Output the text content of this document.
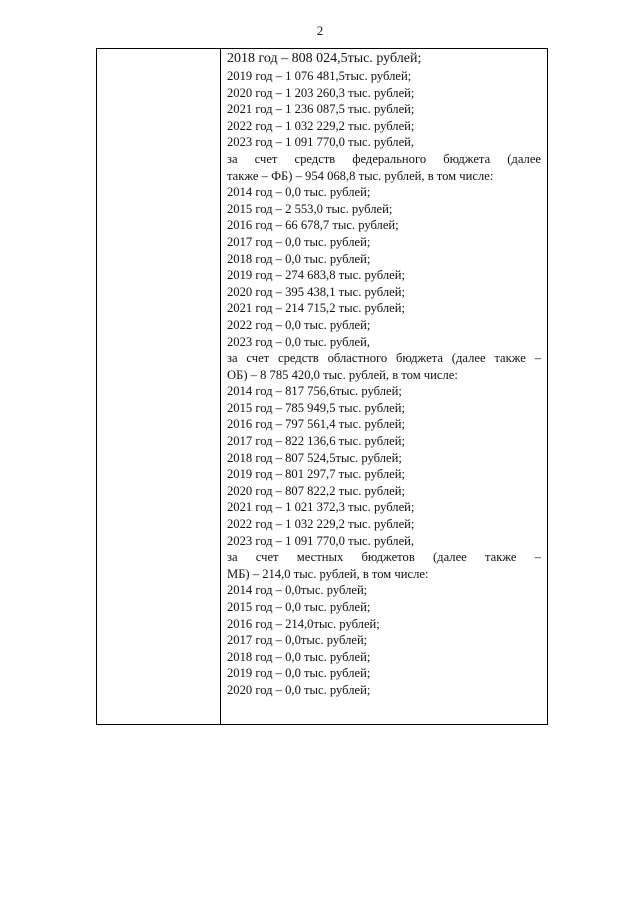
2
2018 год – 808 024,5тыс. рублей;
2019 год – 1 076 481,5тыс. рублей;
2020 год – 1 203 260,3 тыс. рублей;
2021 год – 1 236 087,5 тыс. рублей;
2022 год – 1 032 229,2 тыс. рублей;
2023 год – 1 091 770,0 тыс. рублей,
за счет средств федерального бюджета (далее
также – ФБ) – 954 068,8 тыс. рублей, в том числе:
2014 год – 0,0 тыс. рублей;
2015 год – 2 553,0 тыс. рублей;
2016 год – 66 678,7 тыс. рублей;
2017 год – 0,0 тыс. рублей;
2018 год – 0,0 тыс. рублей;
2019 год – 274 683,8 тыс. рублей;
2020 год – 395 438,1 тыс. рублей;
2021 год – 214 715,2 тыс. рублей;
2022 год – 0,0 тыс. рублей;
2023 год – 0,0 тыс. рублей,
за счет средств областного бюджета (далее также –
ОБ) – 8 785 420,0 тыс. рублей, в том числе:
2014 год – 817 756,6тыс. рублей;
2015 год – 785 949,5 тыс. рублей;
2016 год – 797 561,4 тыс. рублей;
2017 год – 822 136,6 тыс. рублей;
2018 год – 807 524,5тыс. рублей;
2019 год – 801 297,7 тыс. рублей;
2020 год – 807 822,2 тыс. рублей;
2021 год – 1 021 372,3 тыс. рублей;
2022 год – 1 032 229,2 тыс. рублей;
2023 год – 1 091 770,0 тыс. рублей,
за счет местных бюджетов (далее также –
МБ) – 214,0 тыс. рублей, в том числе:
2014 год – 0,0тыс. рублей;
2015 год – 0,0 тыс. рублей;
2016 год – 214,0тыс. рублей;
2017 год – 0,0тыс. рублей;
2018 год – 0,0 тыс. рублей;
2019 год – 0,0 тыс. рублей;
2020 год – 0,0 тыс. рублей;
